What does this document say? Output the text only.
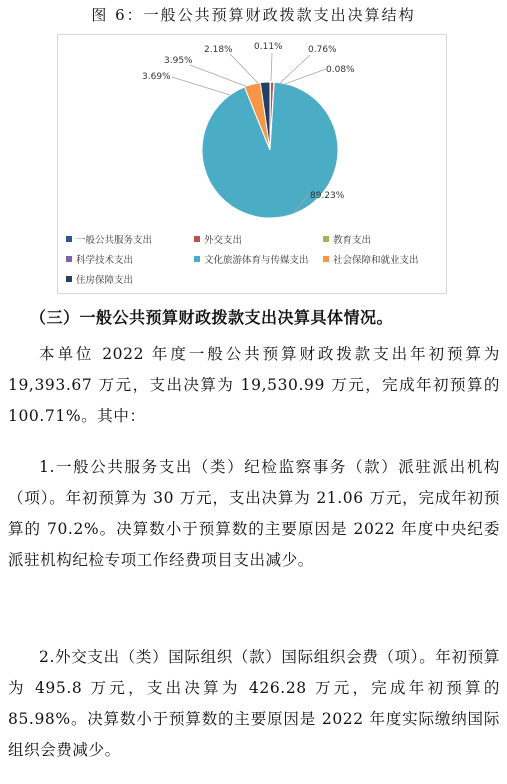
图 6：一般公共预算财政拨款支出决算结构
0.11%	0.76%
0.08%
89.23%
3.69%
2.18%
3.95%
一般公共服务支出	外交支出	教育支出
科学技术支出	文化旅游体育与传媒支出	社会保障和就业支出
住房保障支出
（三）一般公共预算财政拨款支出决算具体情况。
本单位 2022 年度一般公共预算财政拨款支出年初预算为 19,393.67 万元，支出决算为 19,530.99 万元，完成年初预算的 100.71%。其中：
1.一般公共服务支出（类）纪检监察事务（款）派驻派出机构（项）。年初预算为 30 万元，支出决算为 21.06 万元，完成年初预算的 70.2%。决算数小于预算数的主要原因是 2022 年度中央纪委派驻机构纪检专项工作经费项目支出减少。
2.外交支出（类）国际组织（款）国际组织会费（项）。年初预算为 495.8 万元，支出决算为 426.28 万元，完成年初预算的 85.98%。决算数小于预算数的主要原因是 2022 年度实际缴纳国际组织会费减少。
